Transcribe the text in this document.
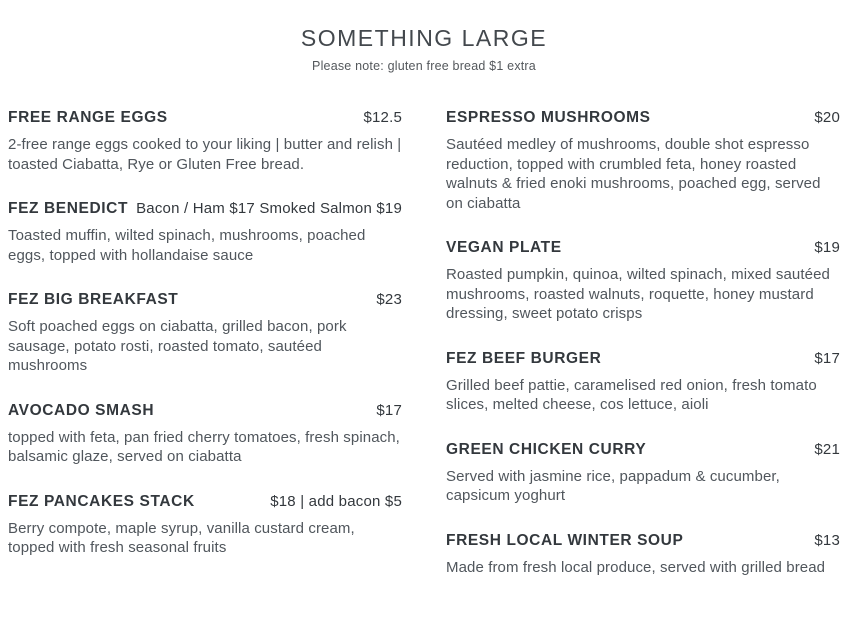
SOMETHING LARGE
Please note: gluten free bread $1 extra
FREE RANGE EGGS	$12.5
2-free range eggs cooked to your liking | butter and relish | toasted Ciabatta, Rye or Gluten Free bread.
FEZ BENEDICT Bacon / Ham $17 Smoked Salmon $19
Toasted muffin, wilted spinach, mushrooms, poached eggs, topped with hollandaise sauce
FEZ BIG BREAKFAST	$23
Soft poached eggs on ciabatta, grilled bacon, pork sausage, potato rosti, roasted tomato, sautéed mushrooms
AVOCADO SMASH	$17
topped with feta, pan fried cherry tomatoes, fresh spinach, balsamic glaze, served on ciabatta
FEZ PANCAKES STACK	$18 | add bacon $5
Berry compote, maple syrup, vanilla custard cream, topped with fresh seasonal fruits
ESPRESSO MUSHROOMS	$20
Sautéed medley of mushrooms, double shot espresso reduction, topped with crumbled feta, honey roasted walnuts & fried enoki mushrooms, poached egg, served on ciabatta
VEGAN PLATE	$19
Roasted pumpkin, quinoa, wilted spinach, mixed sautéed mushrooms, roasted walnuts, roquette, honey mustard dressing, sweet potato crisps
FEZ BEEF BURGER	$17
Grilled beef pattie, caramelised red onion, fresh tomato slices, melted cheese, cos lettuce, aioli
GREEN CHICKEN CURRY	$21
Served with jasmine rice, pappadum & cucumber, capsicum yoghurt
FRESH LOCAL WINTER SOUP	$13
Made from fresh local produce, served with grilled bread
